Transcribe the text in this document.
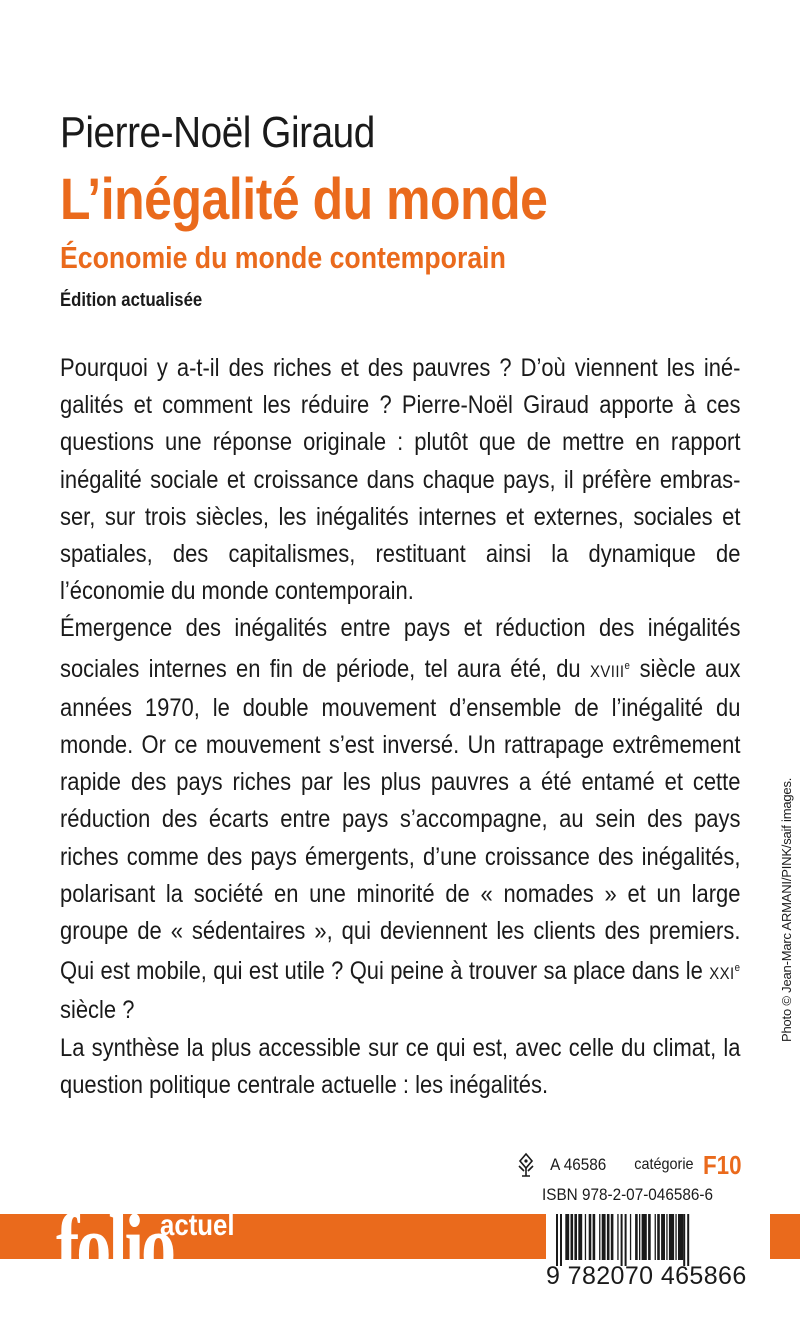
Pierre-Noël Giraud
L’inégalité du monde
Économie du monde contemporain
Édition actualisée

Pourquoi y a-t-il des riches et des pauvres ? D’où viennent les inégalités et comment les réduire ? Pierre-Noël Giraud apporte à ces questions une réponse originale : plutôt que de mettre en rapport inégalité sociale et croissance dans chaque pays, il préfère embrasser, sur trois siècles, les inégalités internes et externes, sociales et spatiales, des capitalismes, restituant ainsi la dynamique de l’économie du monde contemporain.

Émergence des inégalités entre pays et réduction des inégalités sociales internes en fin de période, tel aura été, du XVIIIe siècle aux années 1970, le double mouvement d’ensemble de l’inégalité du monde. Or ce mouvement s’est inversé. Un rattrapage extrêmement rapide des pays riches par les plus pauvres a été entamé et cette réduction des écarts entre pays s’accompagne, au sein des pays riches comme des pays émergents, d’une croissance des inégalités, polarisant la société en une minorité de « nomades » et un large groupe de « sédentaires », qui deviennent les clients des premiers. Qui est mobile, qui est utile ? Qui peine à trouver sa place dans le XXIe siècle ?

La synthèse la plus accessible sur ce qui est, avec celle du climat, la question politique centrale actuelle : les inégalités.

Photo © Jean-Marc ARMANI/PINK/saif images.
A 46586 catégorie F10
ISBN 978-2-07-046586-6
folio
actuel
9 782070 465866
